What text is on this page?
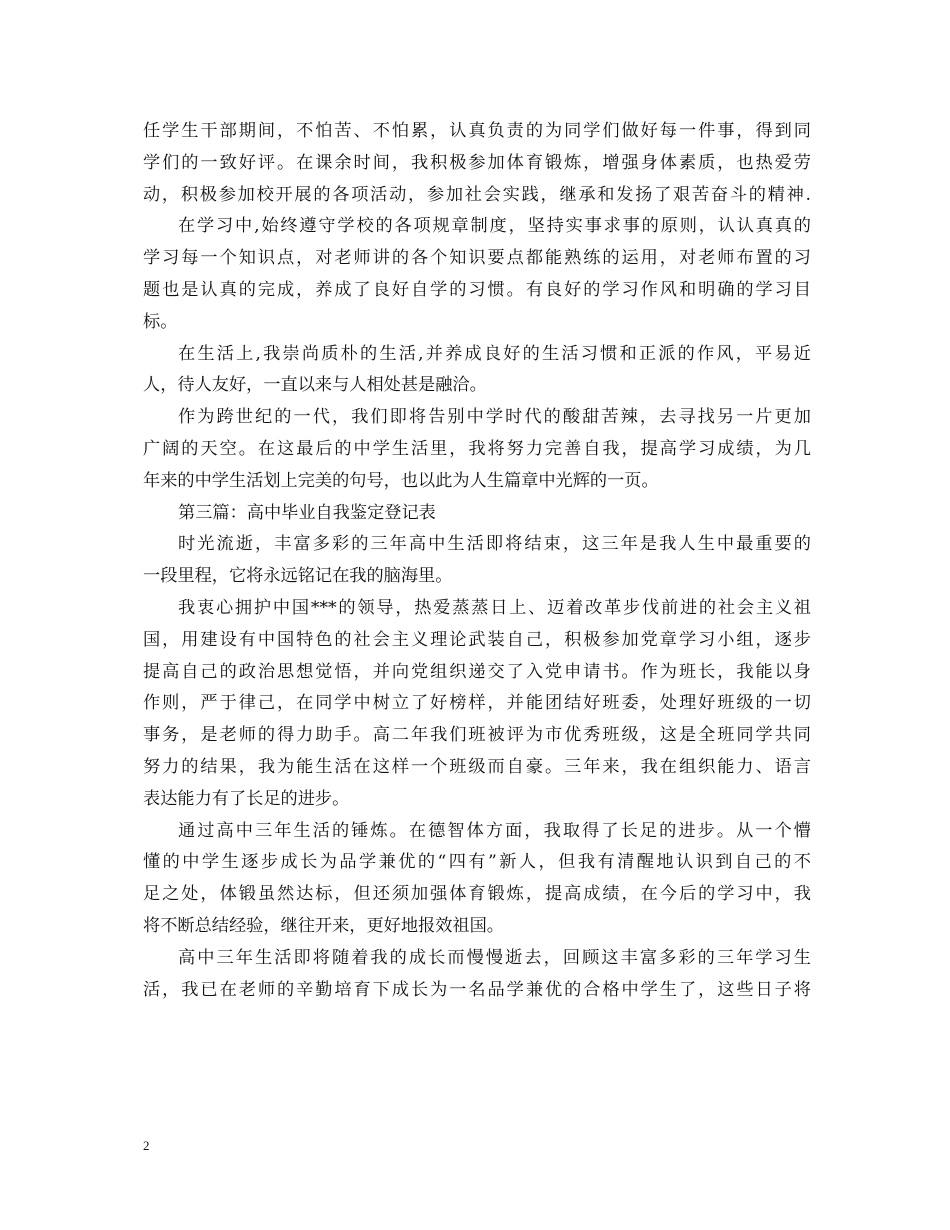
任学生干部期间，不怕苦、不怕累，认真负责的为同学们做好每一件事，得到同
学们的一致好评。在课余时间，我积极参加体育锻炼，增强身体素质，也热爱劳
动，积极参加校开展的各项活动，参加社会实践，继承和发扬了艰苦奋斗的精神.
在学习中,始终遵守学校的各项规章制度，坚持实事求事的原则，认认真真的
学习每一个知识点，对老师讲的各个知识要点都能熟练的运用，对老师布置的习
题也是认真的完成，养成了良好自学的习惯。有良好的学习作风和明确的学习目
标。
在生活上,我崇尚质朴的生活,并养成良好的生活习惯和正派的作风，平易近
人，待人友好，一直以来与人相处甚是融洽。
作为跨世纪的一代，我们即将告别中学时代的酸甜苦辣，去寻找另一片更加
广阔的天空。在这最后的中学生活里，我将努力完善自我，提高学习成绩，为几
年来的中学生活划上完美的句号，也以此为人生篇章中光辉的一页。
第三篇：高中毕业自我鉴定登记表
时光流逝，丰富多彩的三年高中生活即将结束，这三年是我人生中最重要的
一段里程，它将永远铭记在我的脑海里。
我衷心拥护中国***的领导，热爱蒸蒸日上、迈着改革步伐前进的社会主义祖
国，用建设有中国特色的社会主义理论武装自己，积极参加党章学习小组，逐步
提高自己的政治思想觉悟，并向党组织递交了入党申请书。作为班长，我能以身
作则，严于律己，在同学中树立了好榜样，并能团结好班委，处理好班级的一切
事务，是老师的得力助手。高二年我们班被评为市优秀班级，这是全班同学共同
努力的结果，我为能生活在这样一个班级而自豪。三年来，我在组织能力、语言
表达能力有了长足的进步。
通过高中三年生活的锤炼。在德智体方面，我取得了长足的进步。从一个懵
懂的中学生逐步成长为品学兼优的“四有”新人，但我有清醒地认识到自己的不
足之处，体锻虽然达标，但还须加强体育锻炼，提高成绩，在今后的学习中，我
将不断总结经验，继往开来，更好地报效祖国。
高中三年生活即将随着我的成长而慢慢逝去，回顾这丰富多彩的三年学习生
活，我已在老师的辛勤培育下成长为一名品学兼优的合格中学生了，这些日子将
2
